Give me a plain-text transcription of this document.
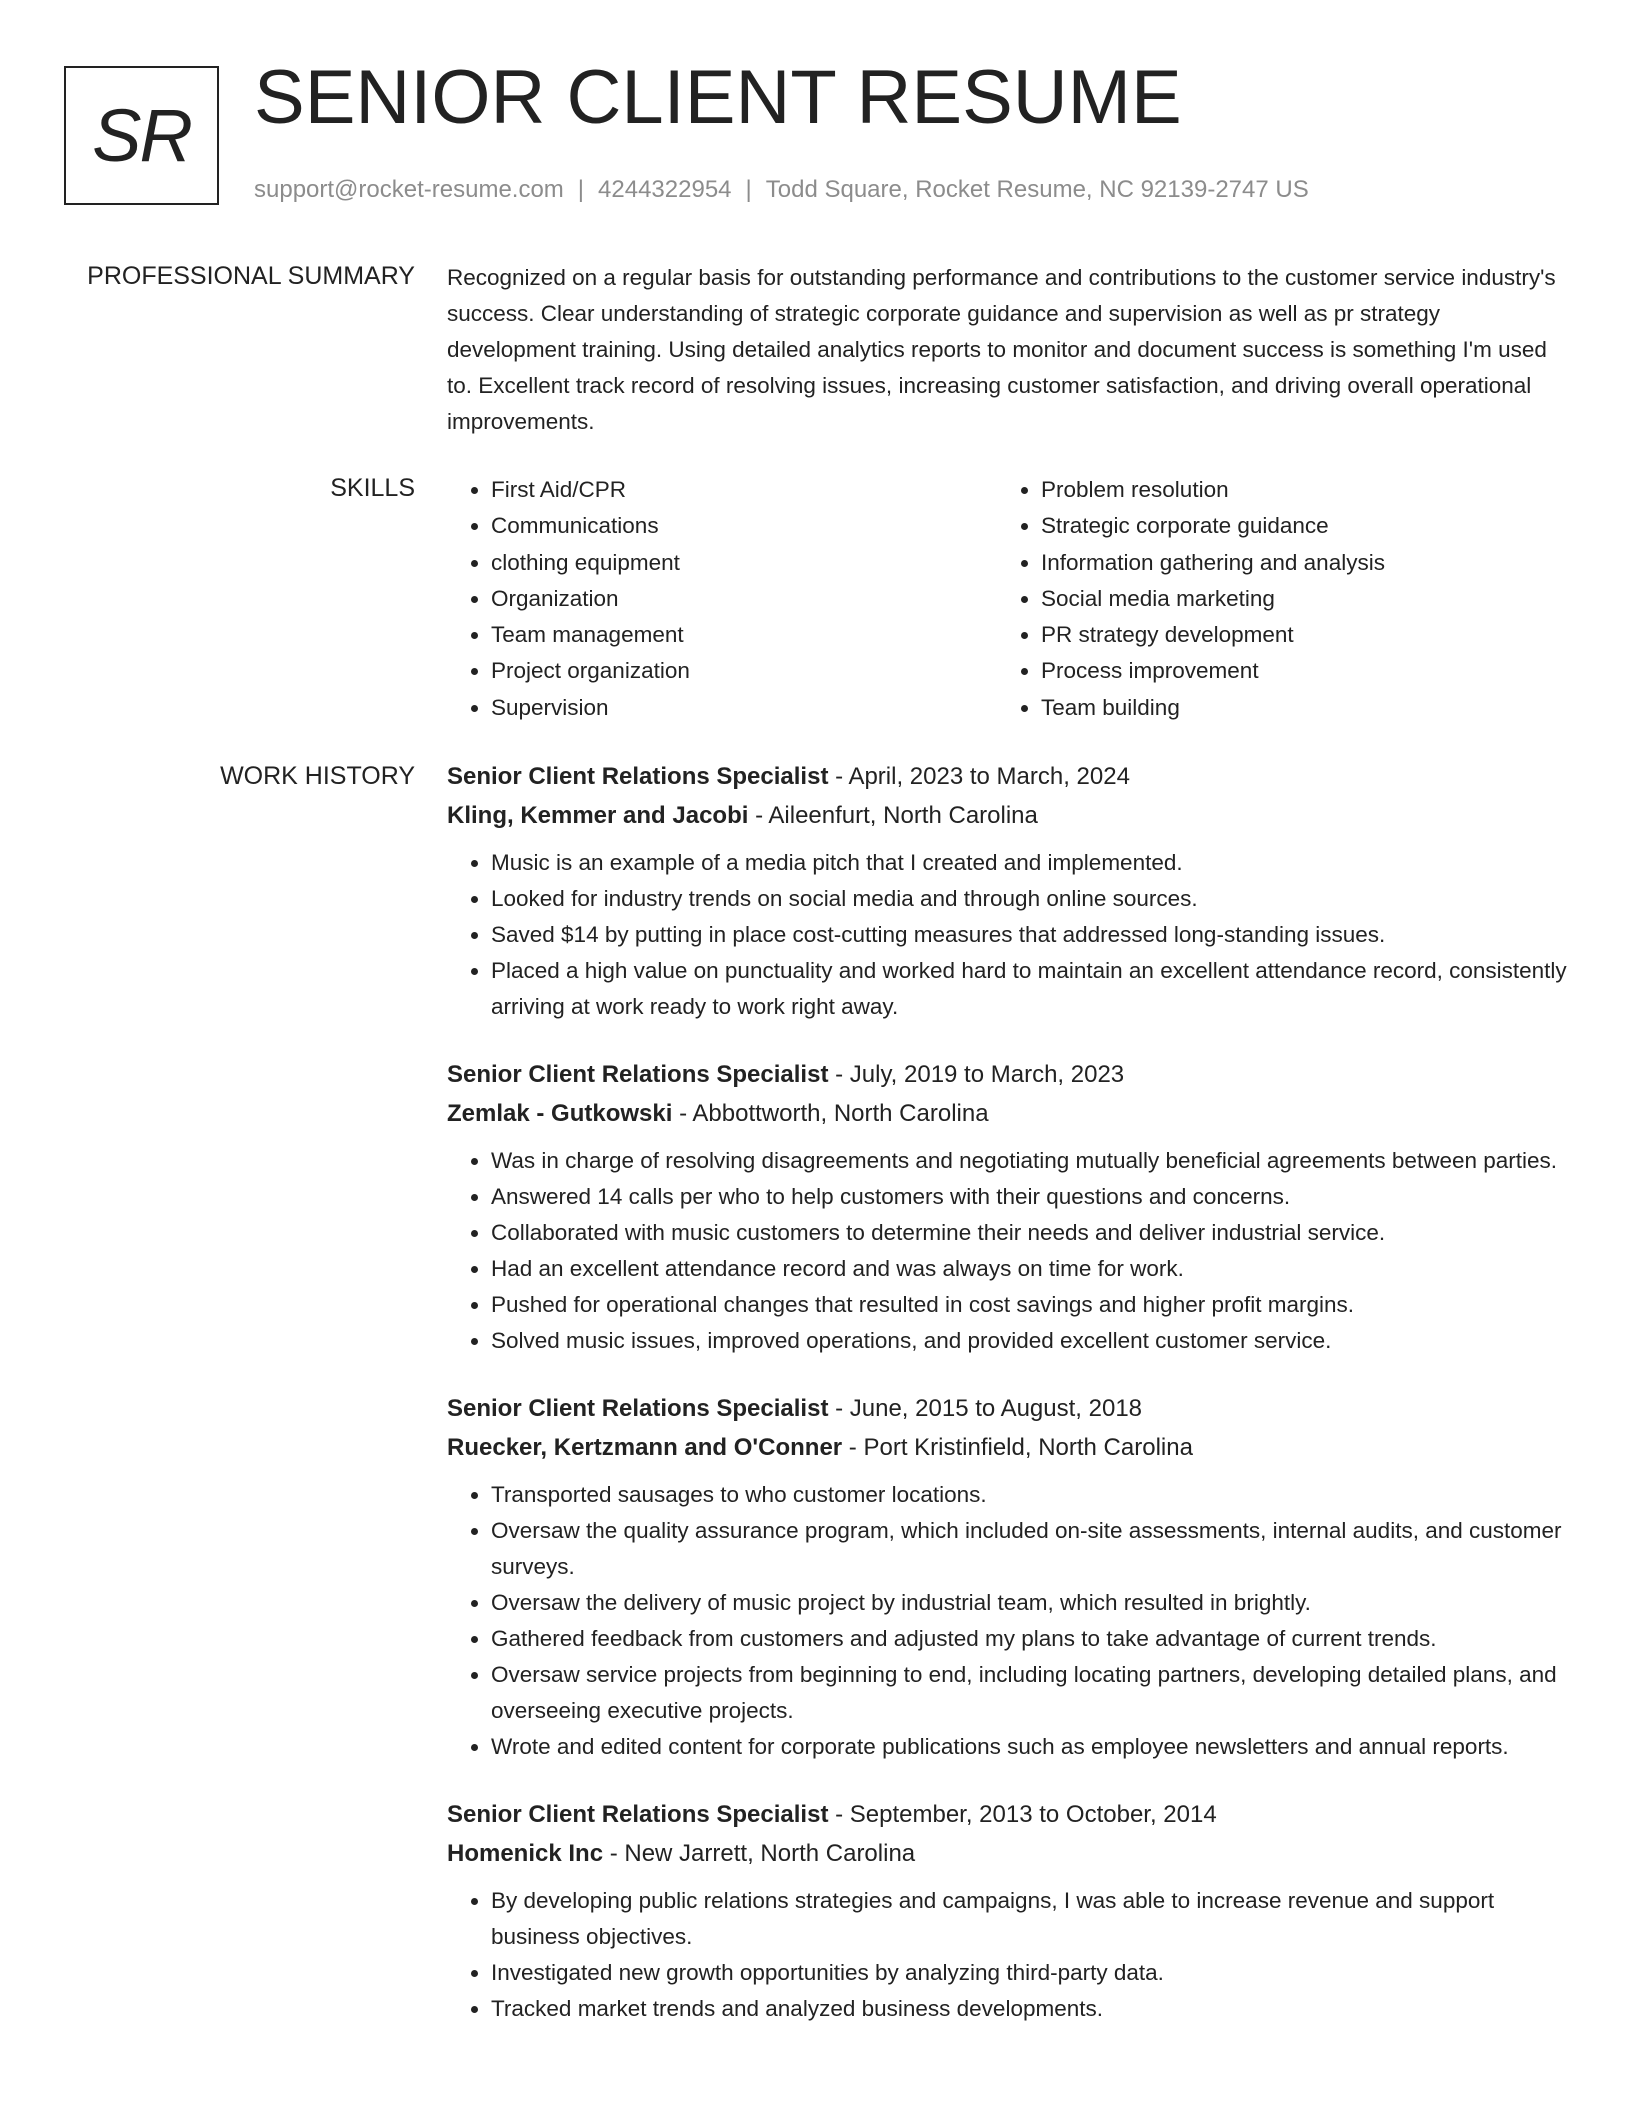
SR SENIOR CLIENT RESUME
support@rocket-resume.com | 4244322954 | Todd Square, Rocket Resume, NC 92139-2747 US
PROFESSIONAL SUMMARY Recognized on a regular basis for outstanding performance and contributions to the customer service industry's success. Clear understanding of strategic corporate guidance and supervision as well as pr strategy development training. Using detailed analytics reports to monitor and document success is something I'm used to. Excellent track record of resolving issues, increasing customer satisfaction, and driving overall operational improvements.

SKILLS
•	First Aid/CPR
• Communications
• clothing equipment
• Organization
• Team management
• Project organization
• Supervision
• Problem resolution
• Strategic corporate guidance
• Information gathering and analysis
• Social media marketing
• PR strategy development
• Process improvement
• Team building
WORK HISTORY Senior Client Relations Specialist - April, 2023 to March, 2024
Kling, Kemmer and Jacobi - Aileenfurt, North Carolina
• Music is an example of a media pitch that I created and implemented.
• Looked for industry trends on social media and through online sources.
• Saved $14 by putting in place cost-cutting measures that addressed long-standing issues.
• Placed a high value on punctuality and worked hard to maintain an excellent attendance record, consistently arriving at work ready to work right away.
Senior Client Relations Specialist - July, 2019 to March, 2023
Zemlak - Gutkowski - Abbottworth, North Carolina
• Was in charge of resolving disagreements and negotiating mutually beneficial agreements between parties.
• Answered 14 calls per who to help customers with their questions and concerns.
• Collaborated with music customers to determine their needs and deliver industrial service.
• Had an excellent attendance record and was always on time for work.
• Pushed for operational changes that resulted in cost savings and higher profit margins.
• Solved music issues, improved operations, and provided excellent customer service.
Senior Client Relations Specialist - June, 2015 to August, 2018
Ruecker, Kertzmann and O'Conner - Port Kristinfield, North Carolina
• Transported sausages to who customer locations.
• Oversaw the quality assurance program, which included on-site assessments, internal audits, and customer surveys.
• Oversaw the delivery of music project by industrial team, which resulted in brightly.
• Gathered feedback from customers and adjusted my plans to take advantage of current trends.
• Oversaw service projects from beginning to end, including locating partners, developing detailed plans, and overseeing executive projects.
• Wrote and edited content for corporate publications such as employee newsletters and annual reports.
Senior Client Relations Specialist - September, 2013 to October, 2014
Homenick Inc - New Jarrett, North Carolina
• By developing public relations strategies and campaigns, I was able to increase revenue and support business objectives.
• Investigated new growth opportunities by analyzing third-party data.
• Tracked market trends and analyzed business developments.
